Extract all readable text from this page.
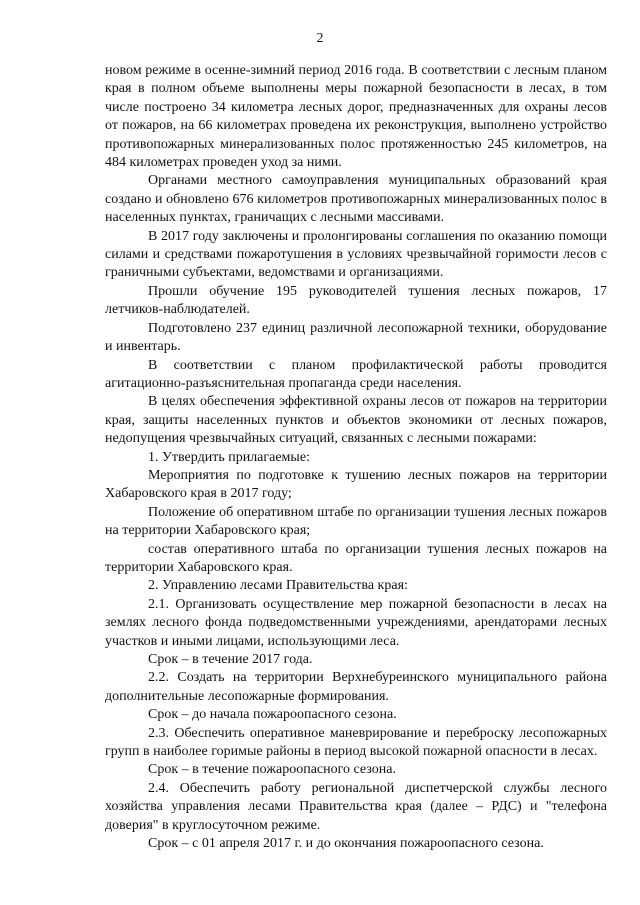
2

новом режиме в осенне-зимний период 2016 года. В соответствии с лесным планом края в полном объеме выполнены меры пожарной безопасности в лесах, в том числе построено 34 километра лесных дорог, предназначенных для охраны лесов от пожаров, на 66 километрах проведена их реконструкция, выполнено устройство противопожарных минерализованных полос протяженностью 245 километров, на 484 километрах проведен уход за ними.

Органами местного самоуправления муниципальных образований края создано и обновлено 676 километров противопожарных минерализованных полос в населенных пунктах, граничащих с лесными массивами.

В 2017 году заключены и пролонгированы соглашения по оказанию помощи силами и средствами пожаротушения в условиях чрезвычайной горимости лесов с граничными субъектами, ведомствами и организациями.

Прошли обучение 195 руководителей тушения лесных пожаров, 17 летчиков-наблюдателей.

Подготовлено 237 единиц различной лесопожарной техники, оборудование и инвентарь.

В соответствии с планом профилактической работы проводится агитационно-разъяснительная пропаганда среди населения.

В целях обеспечения эффективной охраны лесов от пожаров на территории края, защиты населенных пунктов и объектов экономики от лесных пожаров, недопущения чрезвычайных ситуаций, связанных с лесными пожарами:

1. Утвердить прилагаемые:

Мероприятия по подготовке к тушению лесных пожаров на территории Хабаровского края в 2017 году;

Положение об оперативном штабе по организации тушения лесных пожаров на территории Хабаровского края;

состав оперативного штаба по организации тушения лесных пожаров на территории Хабаровского края.

2. Управлению лесами Правительства края:

2.1. Организовать осуществление мер пожарной безопасности в лесах на землях лесного фонда подведомственными учреждениями, арендаторами лесных участков и иными лицами, использующими леса.

Срок – в течение 2017 года.

2.2. Создать на территории Верхнебуреинского муниципального района дополнительные лесопожарные формирования.

Срок – до начала пожароопасного сезона.

2.3. Обеспечить оперативное маневрирование и переброску лесопожарных групп в наиболее горимые районы в период высокой пожарной опасности в лесах.

Срок – в течение пожароопасного сезона.

2.4. Обеспечить работу региональной диспетчерской службы лесного хозяйства управления лесами Правительства края (далее – РДС) и "телефона доверия" в круглосуточном режиме.

Срок – с 01 апреля 2017 г. и до окончания пожароопасного сезона.
